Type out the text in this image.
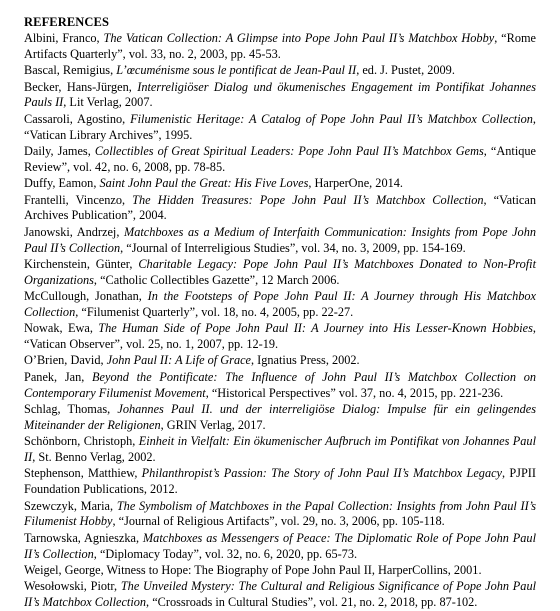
REFERENCES
Albini, Franco, The Vatican Collection: A Glimpse into Pope John Paul II’s Matchbox Hobby, “Rome Artifacts Quarterly”, vol. 33, no. 2, 2003, pp. 45-53.
Bascal, Remigius, L’œcuménisme sous le pontificat de Jean-Paul II, ed. J. Pustet, 2009.
Becker, Hans-Jürgen, Interreligiöser Dialog und ökumenisches Engagement im Pontifikat Johannes Pauls II, Lit Verlag, 2007.
Cassaroli, Agostino, Filumenistic Heritage: A Catalog of Pope John Paul II’s Matchbox Collection, “Vatican Library Archives”, 1995.
Daily, James, Collectibles of Great Spiritual Leaders: Pope John Paul II’s Matchbox Gems, “Antique Review”, vol. 42, no. 6, 2008, pp. 78-85.
Duffy, Eamon, Saint John Paul the Great: His Five Loves, HarperOne, 2014.
Frantelli, Vincenzo, The Hidden Treasures: Pope John Paul II’s Matchbox Collection, “Vatican Archives Publication”, 2004.
Janowski, Andrzej, Matchboxes as a Medium of Interfaith Communication: Insights from Pope John Paul II’s Collection, “Journal of Interreligious Studies”, vol. 34, no. 3, 2009, pp. 154-169.
Kirchenstein, Günter, Charitable Legacy: Pope John Paul II’s Matchboxes Donated to Non-Profit Organizations, “Catholic Collectibles Gazette”, 12 March 2006.
McCullough, Jonathan, In the Footsteps of Pope John Paul II: A Journey through His Matchbox Collection, “Filumenist Quarterly”, vol. 18, no. 4, 2005, pp. 22-27.
Nowak, Ewa, The Human Side of Pope John Paul II: A Journey into His Lesser-Known Hobbies, “Vatican Observer”, vol. 25, no. 1, 2007, pp. 12-19.
O’Brien, David, John Paul II: A Life of Grace, Ignatius Press, 2002.
Panek, Jan, Beyond the Pontificate: The Influence of John Paul II’s Matchbox Collection on Contemporary Filumenist Movement, “Historical Perspectives” vol. 37, no. 4, 2015, pp. 221-236.
Schlag, Thomas, Johannes Paul II. und der interreligiöse Dialog: Impulse für ein gelingendes Miteinander der Religionen, GRIN Verlag, 2017.
Schönborn, Christoph, Einheit in Vielfalt: Ein ökumenischer Aufbruch im Pontifikat von Johannes Paul II, St. Benno Verlag, 2002.
Stephenson, Matthiew, Philanthropist’s Passion: The Story of John Paul II’s Matchbox Legacy, PJPII Foundation Publications, 2012.
Szewczyk, Maria, The Symbolism of Matchboxes in the Papal Collection: Insights from John Paul II’s Filumenist Hobby, “Journal of Religious Artifacts”, vol. 29, no. 3, 2006, pp. 105-118.
Tarnowska, Agnieszka, Matchboxes as Messengers of Peace: The Diplomatic Role of Pope John Paul II’s Collection, “Diplomacy Today”, vol. 32, no. 6, 2020, pp. 65-73.
Weigel, George, Witness to Hope: The Biography of Pope John Paul II, HarperCollins, 2001.
Wesołowski, Piotr, The Unveiled Mystery: The Cultural and Religious Significance of Pope John Paul II’s Matchbox Collection, “Crossroads in Cultural Studies”, vol. 21, no. 2, 2018, pp. 87-102.
